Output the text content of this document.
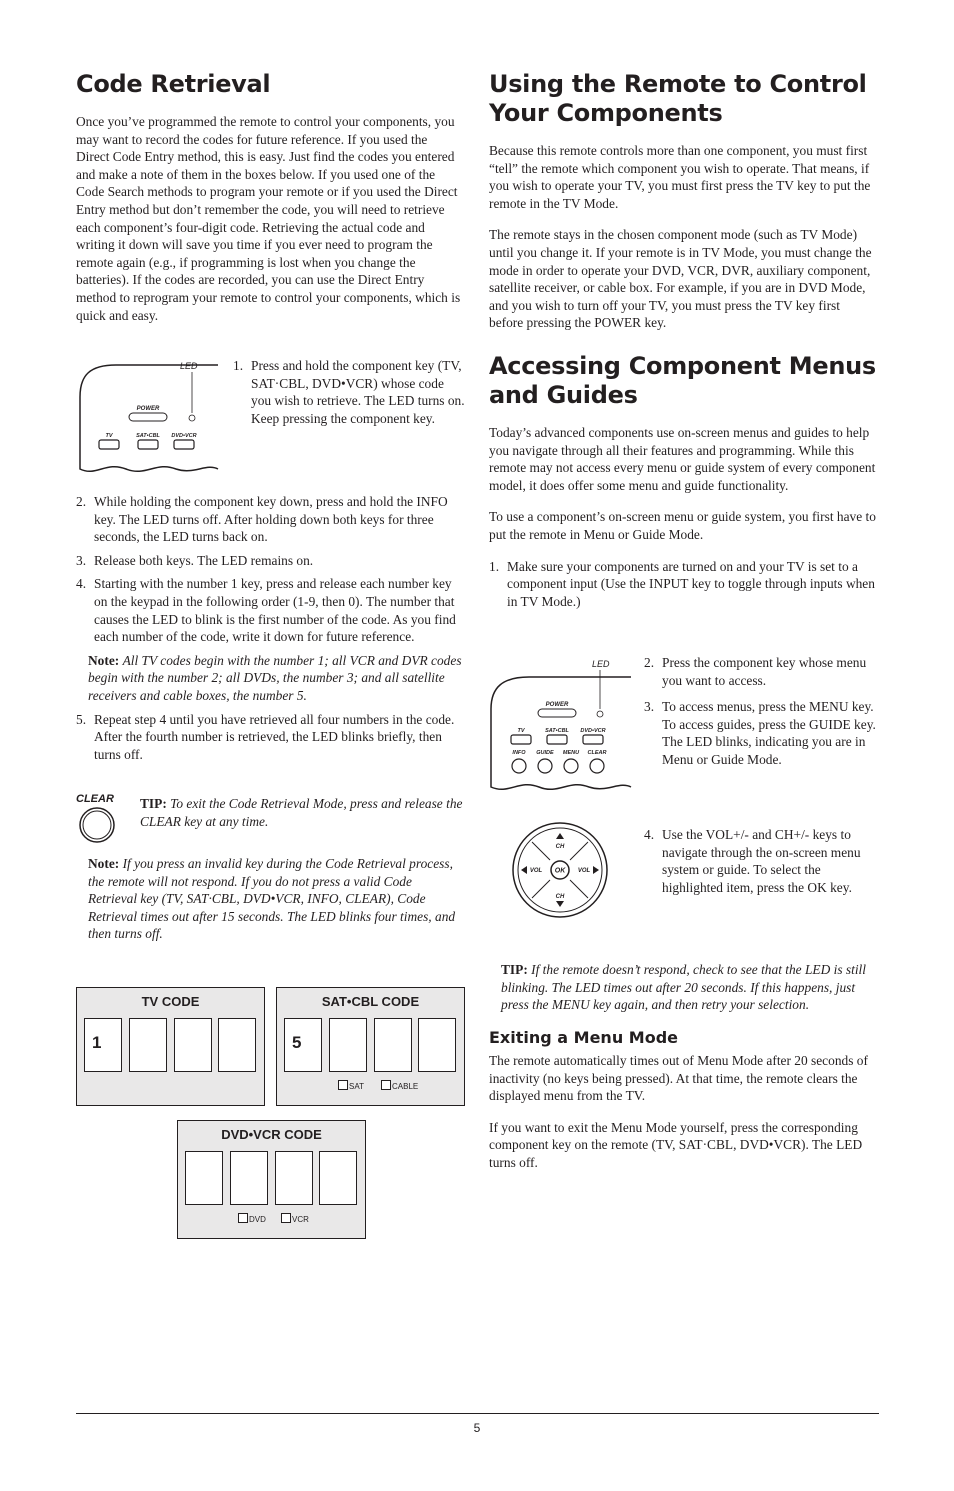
Code Retrieval

Once you’ve programmed the remote to control your components, you may want to record the codes for future reference. If you used the Direct Code Entry method, this is easy. Just find the codes you entered and make a note of them in the boxes below. If you used one of the Code Search methods to program your remote or if you used the Direct Entry method but don’t remember the code, you will need to retrieve each component’s four-digit code. Retrieving the actual code and writing it down will save you time if you ever need to program the remote again (e.g., if programming is lost when you change the batteries). If the codes are recorded, you can use the Direct Entry method to reprogram your remote to control your components, which is quick and easy.

LED
POWER
TV	SAT•CBL DVD•VCR
1. Press and hold the component key (TV, SAT·CBL, DVD•VCR) whose code you wish to retrieve. The LED turns on. Keep pressing the component key.
2. While holding the component key down, press and hold the INFO key. The LED turns off. After holding down both keys for three seconds, the LED turns back on.
3. Release both keys. The LED remains on.
4. Starting with the number 1 key, press and release each number key on the keypad in the following order (1-9, then 0). The number that causes the LED to blink is the first number of the code. As you find each number of the code, write it down for future reference.
Note: All TV codes begin with the number 1; all VCR and DVR codes begin with the number 2; all DVDs, the number 3; and all satellite receivers and cable boxes, the number 5.
5. Repeat step 4 until you have retrieved all four numbers in the code. After the fourth number is retrieved, the LED blinks briefly, then turns off.
CLEAR	TIP: To exit the Code Retrieval Mode, press and release the CLEAR key at any time.

Note: If you press an invalid key during the Code Retrieval process, the remote will not respond. If you do not press a valid Code Retrieval key (TV, SAT·CBL, DVD•VCR, INFO, CLEAR), Code Retrieval times out after 15 seconds. The LED blinks four times, and then turns off.

TV CODE
1
SAT•CBL CODE
5
SAT	CABLE
DVD•VCR CODE
DVD	VCR
Using the Remote to Control Your Components

Because this remote controls more than one component, you must first “tell” the remote which component you wish to operate. That means, if you wish to operate your TV, you must first press the TV key to put the remote in the TV Mode.

The remote stays in the chosen component mode (such as TV Mode) until you change it. If your remote is in TV Mode, you must change the mode in order to operate your DVD, VCR, DVR, auxiliary component, satellite receiver, or cable box. For example, if you are in DVD Mode, and you wish to turn off your TV, you must press the TV key first before pressing the POWER key.

Accessing Component Menus and Guides

Today’s advanced components use on-screen menus and guides to help you navigate through all their features and programming. While this remote may not access every menu or guide system of every component model, it does offer some menu and guide functionality.

To use a component’s on-screen menu or guide system, you first have to put the remote in Menu or Guide Mode.

1. Make sure your components are turned on and your TV is set to a component input (Use the INPUT key to toggle through inputs when in TV Mode.)
LED
POWER
TV	SAT•CBL DVD•VCR
INFO GUIDE MENU CLEAR
2. Press the component key whose menu you want to access.
3. To access menus, press the MENU key. To access guides, press the GUIDE key. The LED blinks, indicating you are in Menu or Guide Mode.
CH
CH
VOL	VOL
OK
4. Use the VOL+/- and CH+/- keys to navigate through the on-screen menu system or guide. To select the highlighted item, press the OK key.

TIP: If the remote doesn’t respond, check to see that the LED is still blinking. The LED times out after 20 seconds. If this happens, just press the MENU key again, and then retry your selection.

Exiting a Menu Mode

The remote automatically times out of Menu Mode after 20 seconds of inactivity (no keys being pressed). At that time, the remote clears the displayed menu from the TV.

If you want to exit the Menu Mode yourself, press the corresponding component key on the remote (TV, SAT·CBL, DVD•VCR). The LED turns off.

5
